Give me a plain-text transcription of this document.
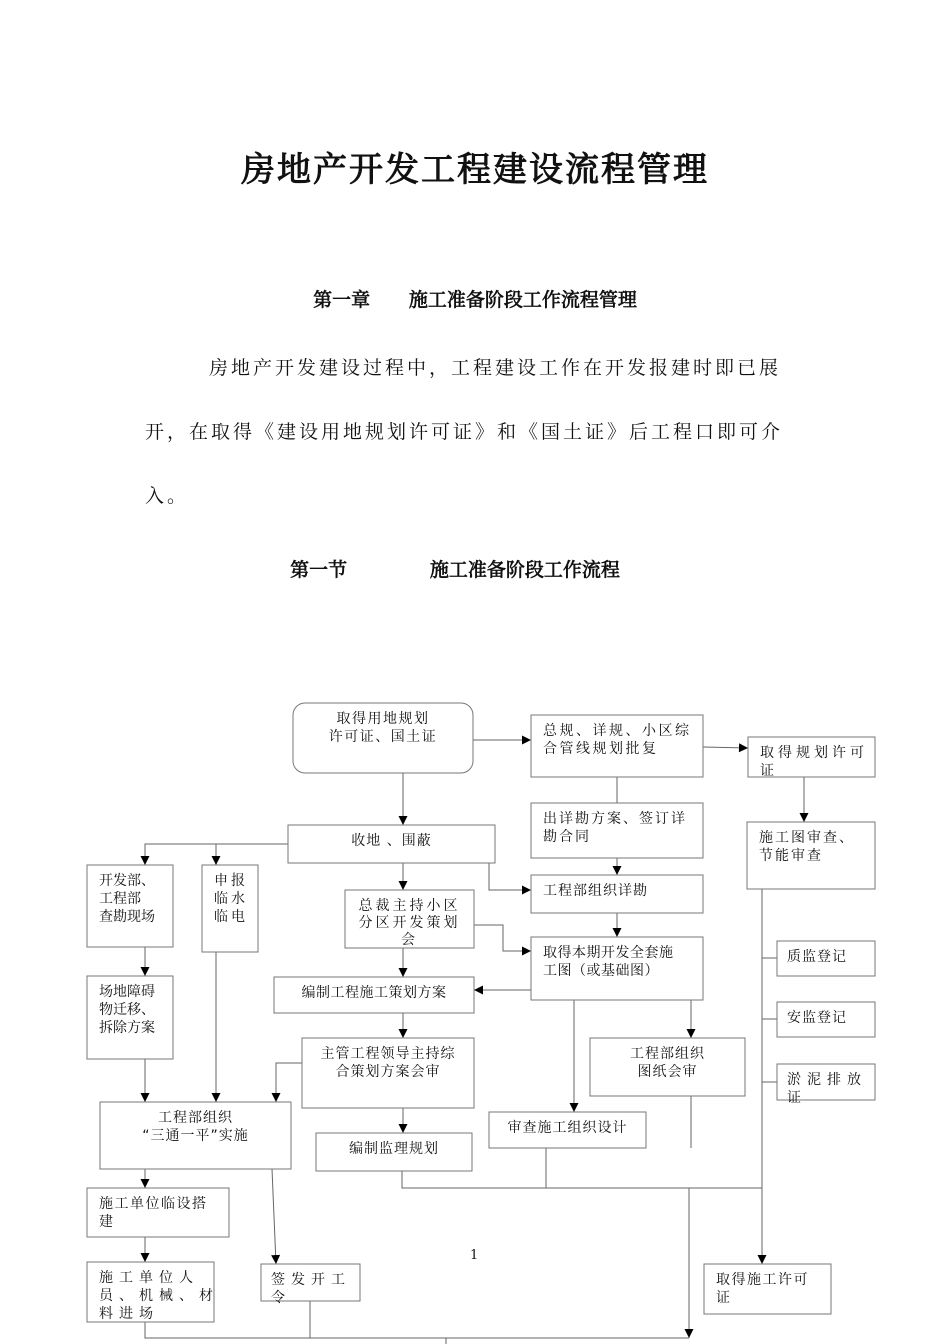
房地产开发工程建设流程管理
第一章 施工准备阶段工作流程管理
房地产开发建设过程中，工程建设工作在开发报建时即已展
开，在取得《建设用地规划许可证》和《国土证》后工程口即可介
入。
第一节	施工准备阶段工作流程
取得用地规划
许可证、国土证	总规、详规、小区综
合管线规划批复	取得规划许可
证
收地 、围蔽
出详勘方案、签订详
勘合同	施工图审查、
节能审查
开发部、
工程部
查勘现场
申报
临水
临电
总裁主持小区
分区开发策划
会
工程部组织详勘
取得本期开发全套施
工图（或基础图）
质监登记
场地障碍
物迁移、
拆除方案
编制工程施工策划方案
安监登记
主管工程领导主持综
合策划方案会审
工程部组织
图纸会审	淤泥排放
证
工程部组织
“三通一平”实施	审查施工组织设计
编制监理规划
施工单位临设搭
建
施工单位人
员、机械、材
料进场
签发开工
令
取得施工许可
证
1
